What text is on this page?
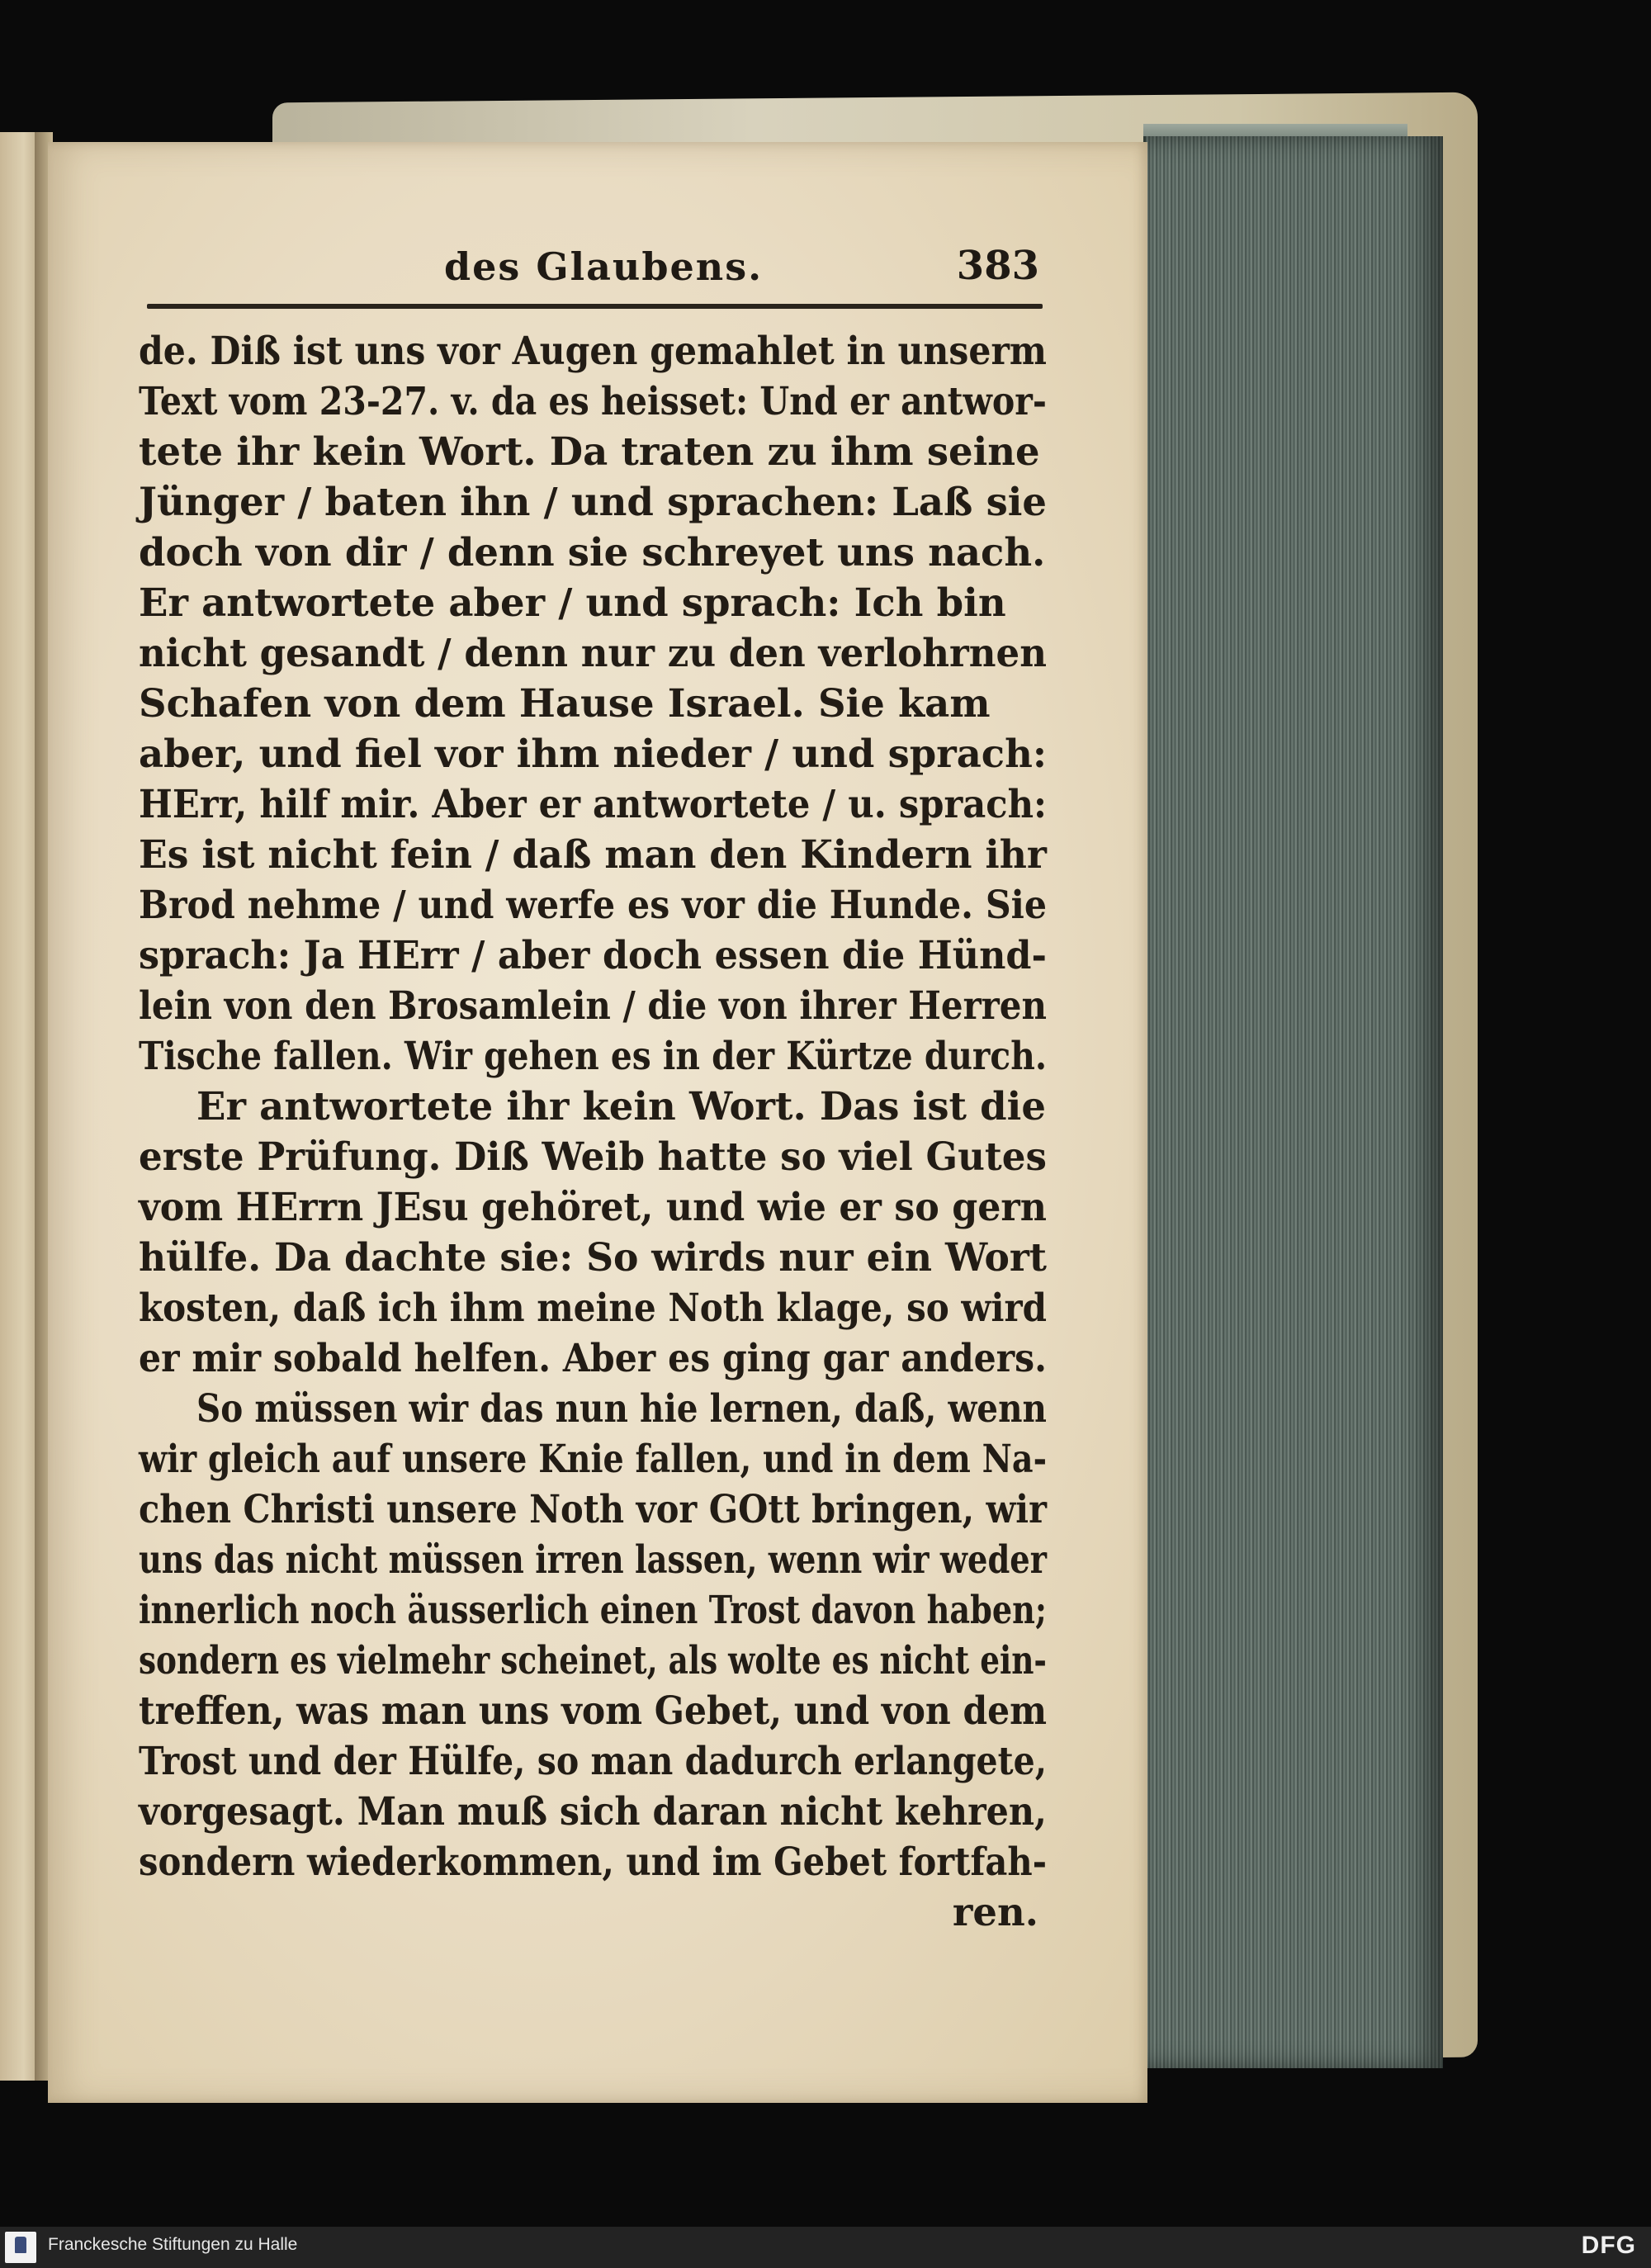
des Glaubens.	383
de. Diß ist uns vor Augen gemahlet in unserm
Text vom 23-27. v. da es heisset: Und er antwor-
tete ihr kein Wort. Da traten zu ihm seine
Jünger / baten ihn / und sprachen: Laß sie
doch von dir / denn sie schreyet uns nach.
Er antwortete aber / und sprach: Ich bin
nicht gesandt / denn nur zu den verlohrnen
Schafen von dem Hause Israel. Sie kam
aber, und fiel vor ihm nieder / und sprach:
HErr, hilf mir. Aber er antwortete / u. sprach:
Es ist nicht fein / daß man den Kindern ihr
Brod nehme / und werfe es vor die Hunde. Sie
sprach: Ja HErr / aber doch essen die Hünd-
lein von den Brosamlein / die von ihrer Herren
Tische fallen. Wir gehen es in der Kürtze durch.
Er antwortete ihr kein Wort. Das ist die
erste Prüfung. Diß Weib hatte so viel Gutes
vom HErrn JEsu gehöret, und wie er so gern
hülfe. Da dachte sie: So wirds nur ein Wort
kosten, daß ich ihm meine Noth klage, so wird
er mir sobald helfen. Aber es ging gar anders.
So müssen wir das nun hie lernen, daß, wenn
wir gleich auf unsere Knie fallen, und in dem Na-
chen Christi unsere Noth vor GOtt bringen, wir
uns das nicht müssen irren lassen, wenn wir weder
innerlich noch äusserlich einen Trost davon haben;
sondern es vielmehr scheinet, als wolte es nicht ein-
treffen, was man uns vom Gebet, und von dem
Trost und der Hülfe, so man dadurch erlangete,
vorgesagt. Man muß sich daran nicht kehren,
sondern wiederkommen, und im Gebet fortfah-
ren.
Franckesche Stiftungen zu Halle	DFG
